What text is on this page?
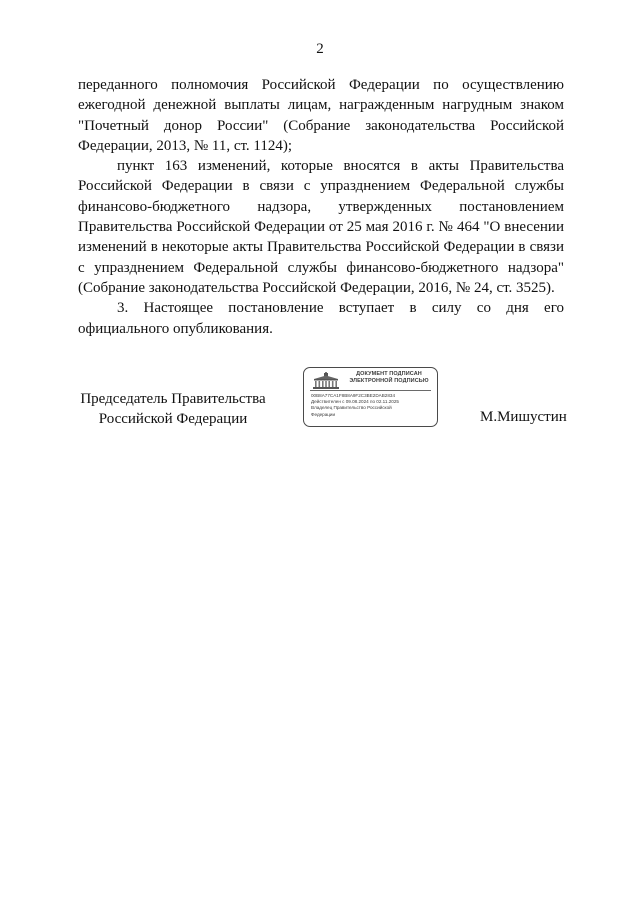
2

переданного полномочия Российской Федерации по осуществлению ежегодной денежной выплаты лицам, награжденным нагрудным знаком "Почетный донор России" (Собрание законодательства Российской Федерации, 2013, № 11, ст. 1124);

пункт 163 изменений, которые вносятся в акты Правительства Российской Федерации в связи с упразднением Федеральной службы финансово-бюджетного надзора, утвержденных постановлением Правительства Российской Федерации от 25 мая 2016 г. № 464 "О внесении изменений в некоторые акты Правительства Российской Федерации в связи с упразднением Федеральной службы финансово-бюджетного надзора" (Собрание законодательства Российской Федерации, 2016, № 24, ст. 3525).

3. Настоящее постановление вступает в силу со дня его официального опубликования.

Председатель Правительства
Российской Федерации
ДОКУМЕНТ ПОДПИСАН
ЭЛЕКТРОННОЙ ПОДПИСЬЮ
00B8A77CA1F8B8A9F2C3BE2DAB2834
Действителен с 09.08.2024 по 02.11.2025
Владелец Правительство Российской
Федерации	М.Мишустин
